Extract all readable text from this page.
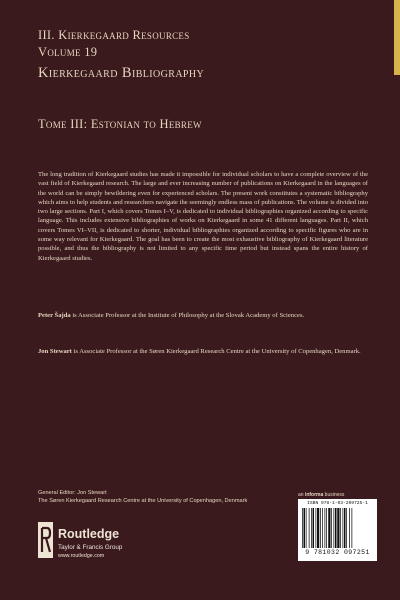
III. Kierkegaard Resources
Volume 19
Kierkegaard Bibliography
Tome III: Estonian to Hebrew
The long tradition of Kierkegaard studies has made it impossible for individual scholars to have a complete overview of the vast field of Kierkegaard research. The large and ever increasing number of publications on Kierkegaard in the languages of the world can be simply bewildering even for experienced scholars. The present work constitutes a systematic bibliography which aims to help students and researchers navigate the seemingly endless mass of publications. The volume is divided into two large sections. Part I, which covers Tomes I–V, is dedicated to individual bibliographies organized according to specific language. This includes extensive bibliographies of works on Kierkegaard in some 41 different languages. Part II, which covers Tomes VI–VII, is dedicated to shorter, individual bibliographies organized according to specific figures who are in some way relevant for Kierkegaard. The goal has been to create the most exhaustive bibliography of Kierkegaard literature possible, and thus the bibliography is not limited to any specific time period but instead spans the entire history of Kierkegaard studies.
Peter Šajda is Associate Professor at the Institute of Philosophy at the Slovak Academy of Sciences.
Jon Stewart is Associate Professor at the Søren Kierkegaard Research Centre at the University of Copenhagen, Denmark.
General Editor: Jon Stewart
The Søren Kierkegaard Research Centre at the University of Copenhagen, Denmark
an informa business
Routledge
Taylor & Francis Group
www.routledge.com
ISBN 978-1-03-209725-1
9 781032 097251
